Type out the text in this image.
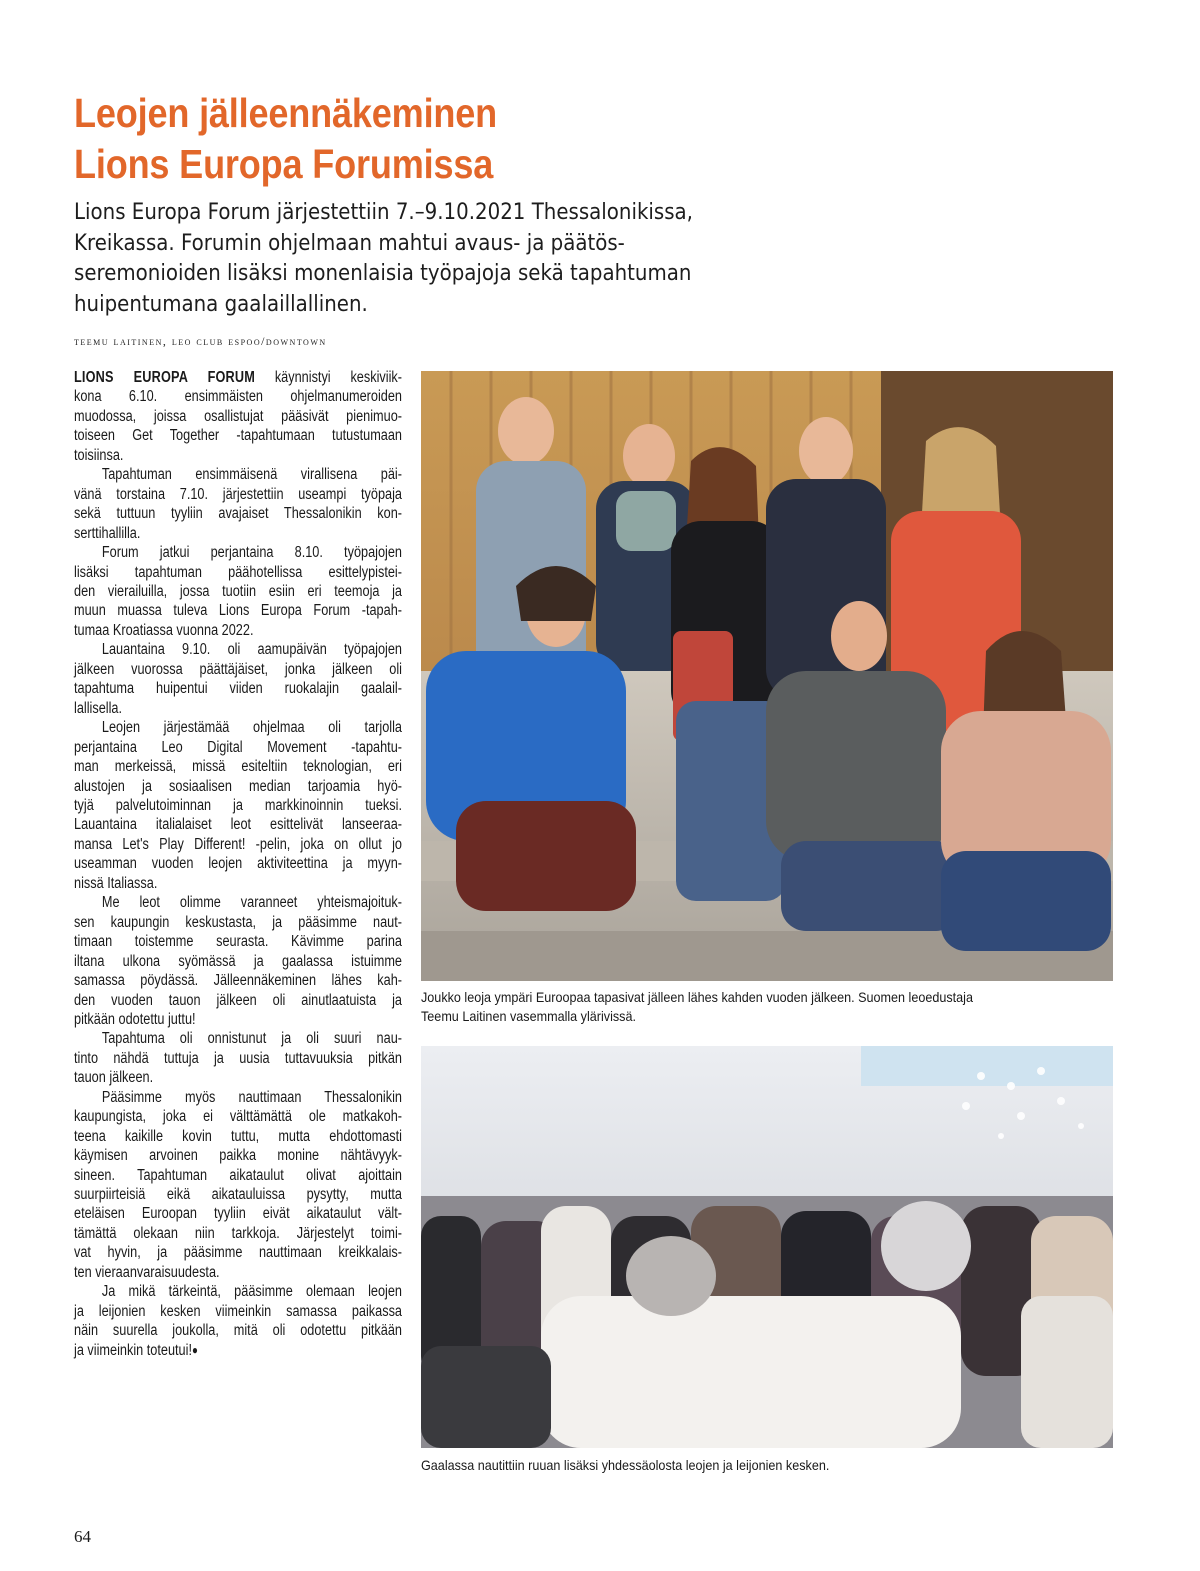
Leojen jälleennäkeminen
Lions Europa Forumissa
Lions Europa Forum järjestettiin 7.–9.10.2021 Thessalonikissa,
Kreikassa. Forumin ohjelmaan mahtui avaus- ja päätös-
seremonioiden lisäksi monenlaisia työpajoja sekä tapahtuman
huipentumana gaalaillallinen.
teemu laitinen, leo club espoo/downtown
LIONS EUROPA FORUM käynnistyi keskiviik-
kona 6.10. ensimmäisten ohjelmanumeroiden
muodossa, joissa osallistujat pääsivät pienimuo-
toiseen Get Together -tapahtumaan tutustumaan
toisiinsa.
Tapahtuman ensimmäisenä virallisena päi-
vänä torstaina 7.10. järjestettiin useampi työpaja
sekä tuttuun tyyliin avajaiset Thessalonikin kon-
serttihallilla.
Forum jatkui perjantaina 8.10. työpajojen
lisäksi tapahtuman päähotellissa esittelypistei-
den vierailuilla, jossa tuotiin esiin eri teemoja ja
muun muassa tuleva Lions Europa Forum -tapah-
tumaa Kroatiassa vuonna 2022.
Lauantaina 9.10. oli aamupäivän työpajojen
jälkeen vuorossa päättäjäiset, jonka jälkeen oli
tapahtuma huipentui viiden ruokalajin gaalail-
lallisella.
Leojen järjestämää ohjelmaa oli tarjolla
perjantaina Leo Digital Movement -tapahtu-
man merkeissä, missä esiteltiin teknologian, eri
alustojen ja sosiaalisen median tarjoamia hyö-
tyjä palvelutoiminnan ja markkinoinnin tueksi.
Lauantaina italialaiset leot esittelivät lanseeraa-
mansa Let's Play Different! -pelin, joka on ollut jo
useamman vuoden leojen aktiviteettina ja myyn-
nissä Italiassa.
Me leot olimme varanneet yhteismajoituk-
sen kaupungin keskustasta, ja pääsimme naut-
timaan toistemme seurasta. Kävimme parina
iltana ulkona syömässä ja gaalassa istuimme
samassa pöydässä. Jälleennäkeminen lähes kah-
den vuoden tauon jälkeen oli ainutlaatuista ja
pitkään odotettu juttu!
Tapahtuma oli onnistunut ja oli suuri nau-
tinto nähdä tuttuja ja uusia tuttavuuksia pitkän
tauon jälkeen.
Pääsimme myös nauttimaan Thessalonikin
kaupungista, joka ei välttämättä ole matkakoh-
teena kaikille kovin tuttu, mutta ehdottomasti
käymisen arvoinen paikka monine nähtävyyk-
sineen. Tapahtuman aikataulut olivat ajoittain
suurpiirteisiä eikä aikatauluissa pysytty, mutta
eteläisen Euroopan tyyliin eivät aikataulut vält-
tämättä olekaan niin tarkkoja. Järjestelyt toimi-
vat hyvin, ja pääsimme nauttimaan kreikkalais-
ten vieraanvaraisuudesta.
Ja mikä tärkeintä, pääsimme olemaan leojen
ja leijonien kesken viimeinkin samassa paikassa
näin suurella joukolla, mitä oli odotettu pitkään
ja viimeinkin toteutui!●
Joukko leoja ympäri Euroopaa tapasivat jälleen lähes kahden vuoden jälkeen. Suomen leoedustaja
Teemu Laitinen vasemmalla ylärivissä.
Gaalassa nautittiin ruuan lisäksi yhdessäolosta leojen ja leijonien kesken.
64
